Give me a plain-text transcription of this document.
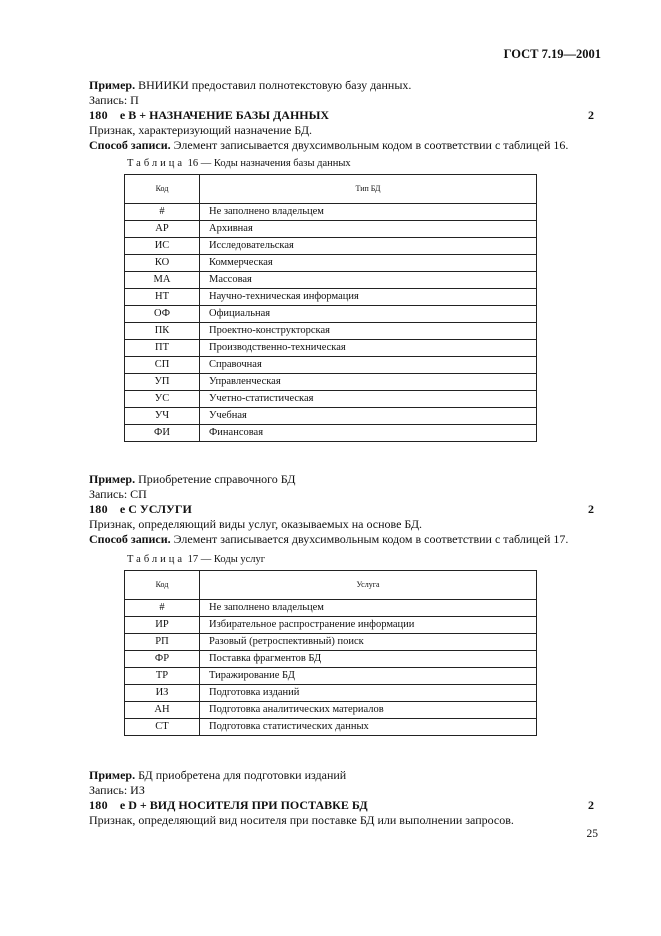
ГОСТ 7.19—2001
Пример. ВНИИКИ предоставил полнотекстовую базу данных.
Запись: П
180 е В + НАЗНАЧЕНИЕ БАЗЫ ДАННЫХ	2
Признак, характеризующий назначение БД.
Способ записи. Элемент записывается двухсимвольным кодом в соответствии с таблицей 16.
Таблица 16 — Коды назначения базы данных
Код	Тип БД
#	Не заполнено владельцем
АР	Архивная
ИС	Исследовательская
КО	Коммерческая
МА	Массовая
НТ	Научно-техническая информация
ОФ	Официальная
ПК	Проектно-конструкторская
ПТ	Производственно-техническая
СП	Справочная
УП	Управленческая
УС	Учетно-статистическая
УЧ	Учебная
ФИ	Финансовая
Пример. Приобретение справочного БД
Запись: СП
180 е С УСЛУГИ	2
Признак, определяющий виды услуг, оказываемых на основе БД.
Способ записи. Элемент записывается двухсимвольным кодом в соответствии с таблицей 17.
Таблица 17 — Коды услуг
Код	Услуга
#	Не заполнено владельцем
ИР	Избирательное распространение информации
РП	Разовый (ретроспективный) поиск
ФР	Поставка фрагментов БД
ТР	Тиражирование БД
ИЗ	Подготовка изданий
АН	Подготовка аналитических материалов
СТ	Подготовка статистических данных
Пример. БД приобретена для подготовки изданий
Запись: ИЗ
180 е D + ВИД НОСИТЕЛЯ ПРИ ПОСТАВКЕ БД	2
Признак, определяющий вид носителя при поставке БД или выполнении запросов.
25
